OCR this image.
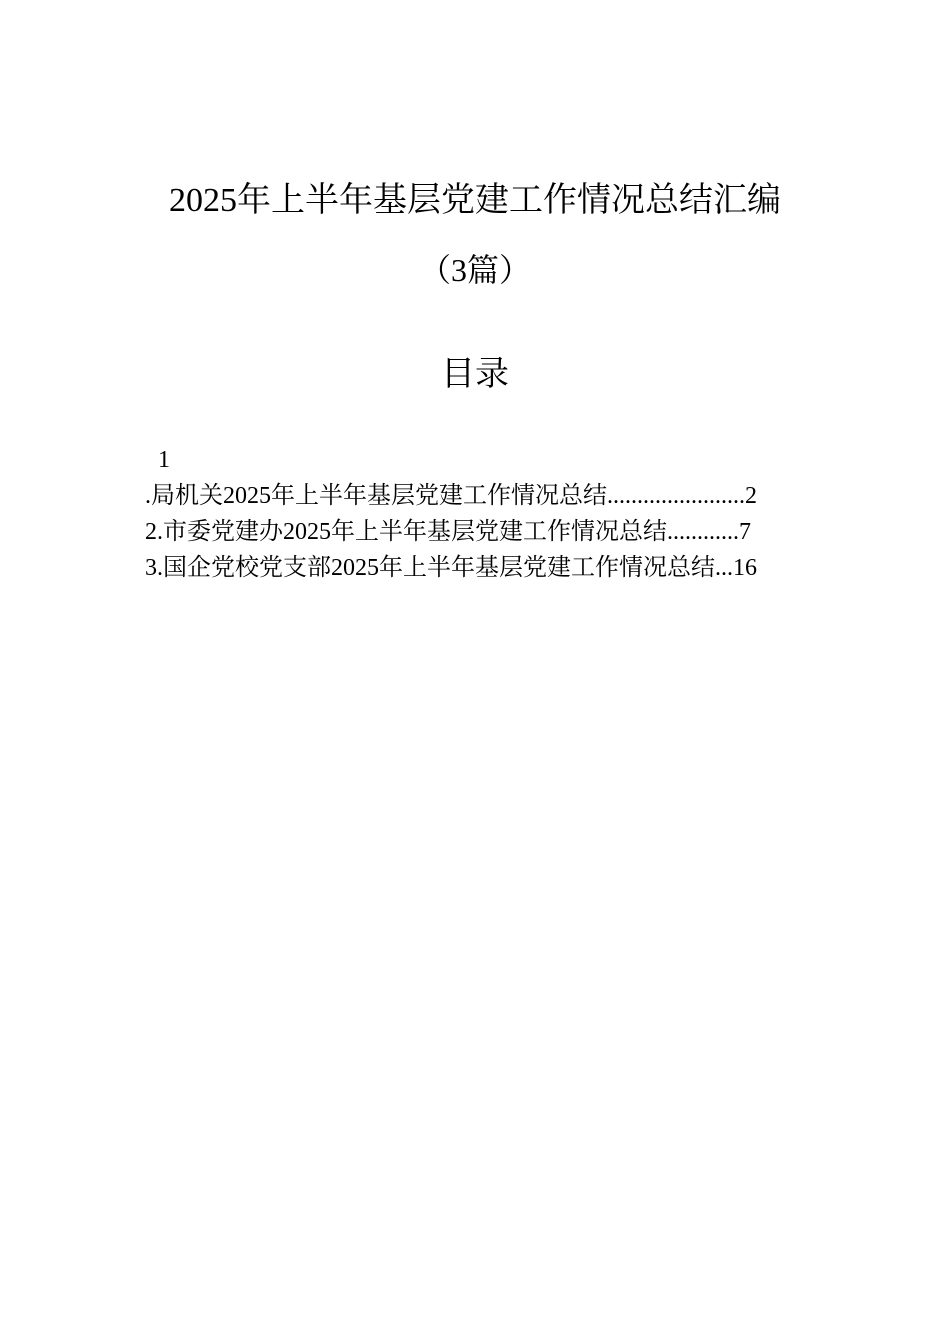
2025年上半年基层党建工作情况总结汇编
（3篇）
目录
1
.局机关2025年上半年基层党建工作情况总结.......................2
2.市委党建办2025年上半年基层党建工作情况总结............7
3.国企党校党支部2025年上半年基层党建工作情况总结...16
